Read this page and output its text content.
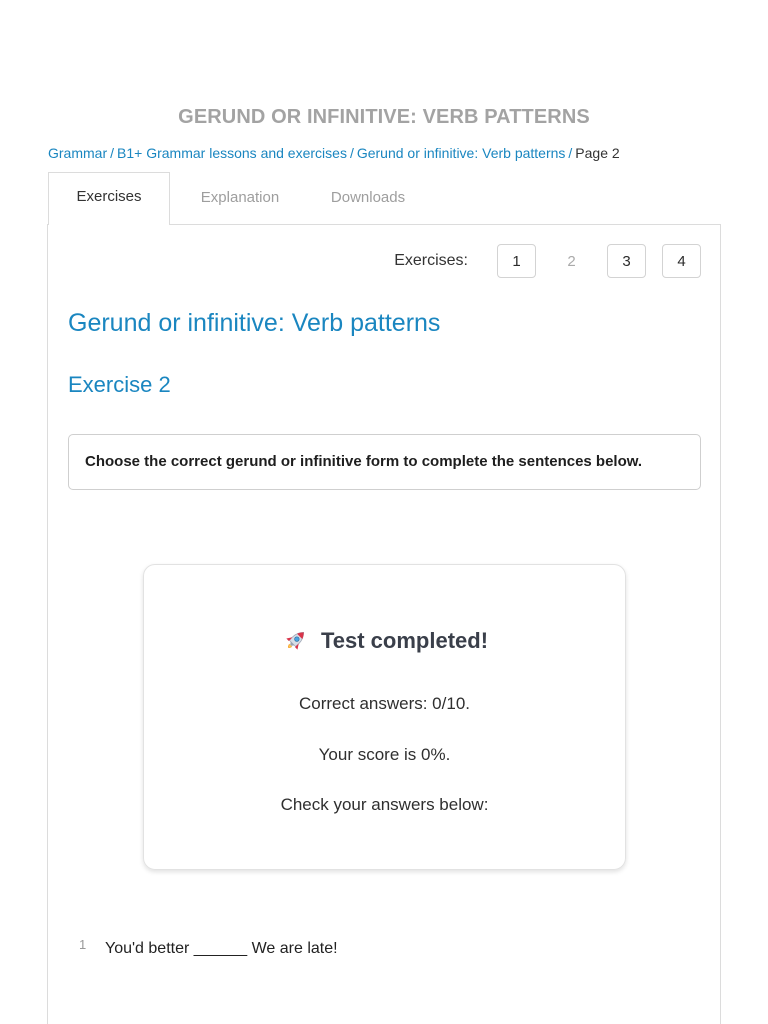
GERUND OR INFINITIVE: VERB PATTERNS
Grammar / B1+ Grammar lessons and exercises / Gerund or infinitive: Verb patterns / Page 2
Exercises	Explanation	Downloads
Exercises:	1	2	3	4
Gerund or infinitive: Verb patterns
Exercise 2
Choose the correct gerund or infinitive form to complete the sentences below.
Test completed!
Correct answers: 0/10.
Your score is 0%.
Check your answers below:
1	You'd better ______ We are late!
